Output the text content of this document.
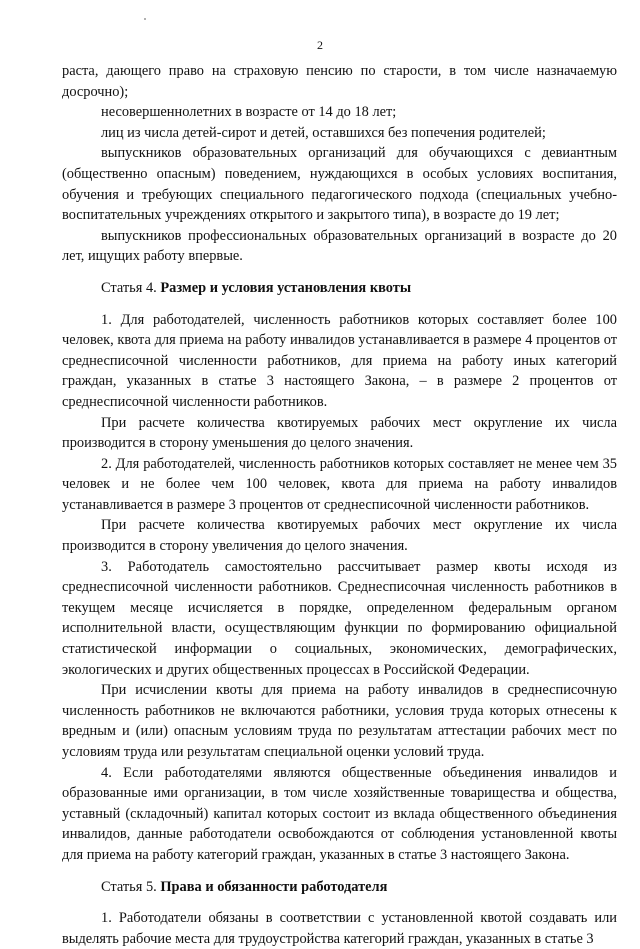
2

раста, дающего право на страховую пенсию по старости, в том числе назначаемую досрочно);

несовершеннолетних в возрасте от 14 до 18 лет;

лиц из числа детей-сирот и детей, оставшихся без попечения родителей;

выпускников образовательных организаций для обучающихся с девиантным (общественно опасным) поведением, нуждающихся в особых условиях воспитания, обучения и требующих специального педагогического подхода (специальных учебно-воспитательных учреждениях открытого и закрытого типа), в возрасте до 19 лет;

выпускников профессиональных образовательных организаций в возрасте до 20 лет, ищущих работу впервые.

Статья 4. Размер и условия установления квоты

1. Для работодателей, численность работников которых составляет более 100 человек, квота для приема на работу инвалидов устанавливается в размере 4 процентов от среднесписочной численности работников, для приема на работу иных категорий граждан, указанных в статье 3 настоящего Закона, – в размере 2 процентов от среднесписочной численности работников.

При расчете количества квотируемых рабочих мест округление их числа производится в сторону уменьшения до целого значения.

2. Для работодателей, численность работников которых составляет не менее чем 35 человек и не более чем 100 человек, квота для приема на работу инвалидов устанавливается в размере 3 процентов от среднесписочной численности работников.

При расчете количества квотируемых рабочих мест округление их числа производится в сторону увеличения до целого значения.

3. Работодатель самостоятельно рассчитывает размер квоты исходя из среднесписочной численности работников. Среднесписочная численность работников в текущем месяце исчисляется в порядке, определенном федеральным органом исполнительной власти, осуществляющим функции по формированию официальной статистической информации о социальных, экономических, демографических, экологических и других общественных процессах в Российской Федерации.

При исчислении квоты для приема на работу инвалидов в среднесписочную численность работников не включаются работники, условия труда которых отнесены к вредным и (или) опасным условиям труда по результатам аттестации рабочих мест по условиям труда или результатам специальной оценки условий труда.

4. Если работодателями являются общественные объединения инвалидов и образованные ими организации, в том числе хозяйственные товарищества и общества, уставный (складочный) капитал которых состоит из вклада общественного объединения инвалидов, данные работодатели освобождаются от соблюдения установленной квоты для приема на работу категорий граждан, указанных в статье 3 настоящего Закона.

Статья 5. Права и обязанности работодателя

1. Работодатели обязаны в соответствии с установленной квотой создавать или выделять рабочие места для трудоустройства категорий граждан, указанных в статье 3
